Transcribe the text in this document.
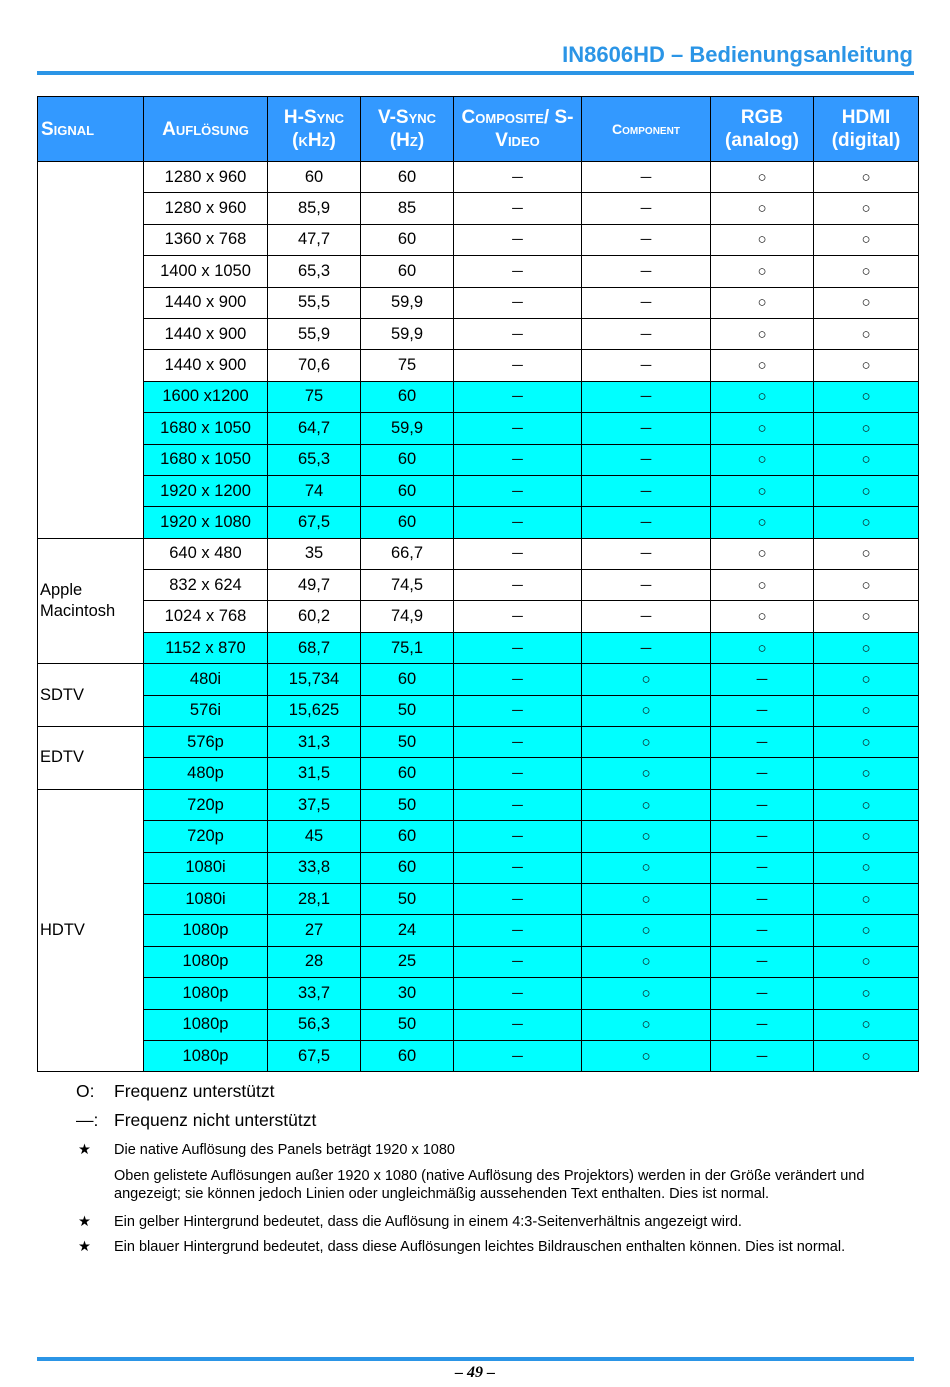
IN8606HD – Bedienungsanleitung
Signal	Auflösung	H-Sync (kHz)	V-Sync (Hz)	Composite/ S-Video	Component	RGB (analog)	HDMI (digital)
	1280 x 960	60	60	─	─	○	○
	1280 x 960	85,9	85	─	─	○	○
	1360 x 768	47,7	60	─	─	○	○
	1400 x 1050	65,3	60	─	─	○	○
	1440 x 900	55,5	59,9	─	─	○	○
	1440 x 900	55,9	59,9	─	─	○	○
	1440 x 900	70,6	75	─	─	○	○
	1600 x1200	75	60	─	─	○	○
	1680 x 1050	64,7	59,9	─	─	○	○
	1680 x 1050	65,3	60	─	─	○	○
	1920 x 1200	74	60	─	─	○	○
	1920 x 1080	67,5	60	─	─	○	○
Apple Macintosh	640 x 480	35	66,7	─	─	○	○
	832 x 624	49,7	74,5	─	─	○	○
	1024 x 768	60,2	74,9	─	─	○	○
	1152 x 870	68,7	75,1	─	─	○	○
SDTV	480i	15,734	60	─	○	─	○
	576i	15,625	50	─	○	─	○
EDTV	576p	31,3	50	─	○	─	○
	480p	31,5	60	─	○	─	○
HDTV	720p	37,5	50	─	○	─	○
	720p	45	60	─	○	─	○
	1080i	33,8	60	─	○	─	○
	1080i	28,1	50	─	○	─	○
	1080p	27	24	─	○	─	○
	1080p	28	25	─	○	─	○
	1080p	33,7	30	─	○	─	○
	1080p	56,3	50	─	○	─	○
	1080p	67,5	60	─	○	─	○
O: Frequenz unterstützt
—: Frequenz nicht unterstützt
★ Die native Auflösung des Panels beträgt 1920 x 1080
Oben gelistete Auflösungen außer 1920 x 1080 (native Auflösung des Projektors) werden in der Größe verändert und angezeigt; sie können jedoch Linien oder ungleichmäßig aussehenden Text enthalten. Dies ist normal.
★ Ein gelber Hintergrund bedeutet, dass die Auflösung in einem 4:3-Seitenverhältnis angezeigt wird.
★ Ein blauer Hintergrund bedeutet, dass diese Auflösungen leichtes Bildrauschen enthalten können. Dies ist normal.
– 49 –
